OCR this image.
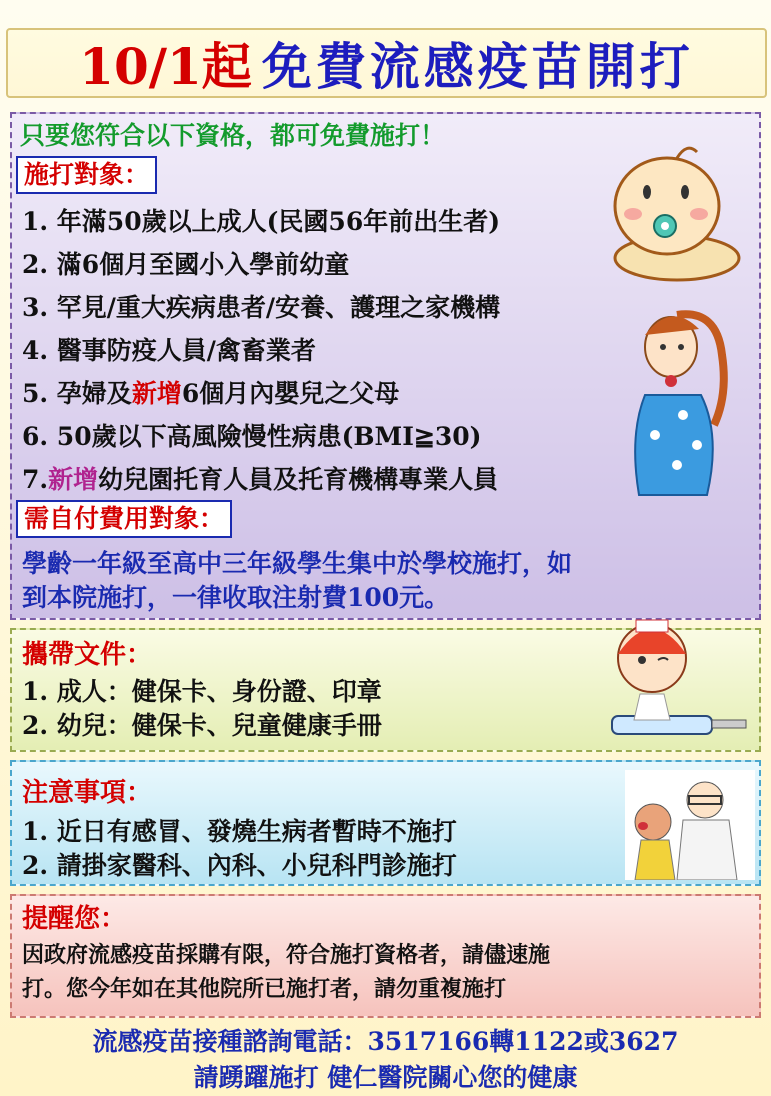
10/1起 免費流感疫苗開打
只要您符合以下資格，都可免費施打！
施打對象：
1. 年滿50歲以上成人(民國56年前出生者)
2. 滿6個月至國小入學前幼童
3. 罕見/重大疾病患者/安養、護理之家機構
4. 醫事防疫人員/禽畜業者
5. 孕婦及新增6個月內嬰兒之父母
6. 50歲以下高風險慢性病患(BMI≧30)
7.新增幼兒園托育人員及托育機構專業人員
需自付費用對象：
學齡一年級至高中三年級學生集中於學校施打，如
到本院施打，一律收取注射費100元。
攜帶文件：
1. 成人：健保卡、身份證、印章
2. 幼兒：健保卡、兒童健康手冊
注意事項：
1. 近日有感冒、發燒生病者暫時不施打
2. 請掛家醫科、內科、小兒科門診施打
提醒您：
因政府流感疫苗採購有限，符合施打資格者，請儘速施
打。您今年如在其他院所已施打者，請勿重複施打
流感疫苗接種諮詢電話：3517166轉1122或3627
請踴躍施打 健仁醫院關心您的健康
